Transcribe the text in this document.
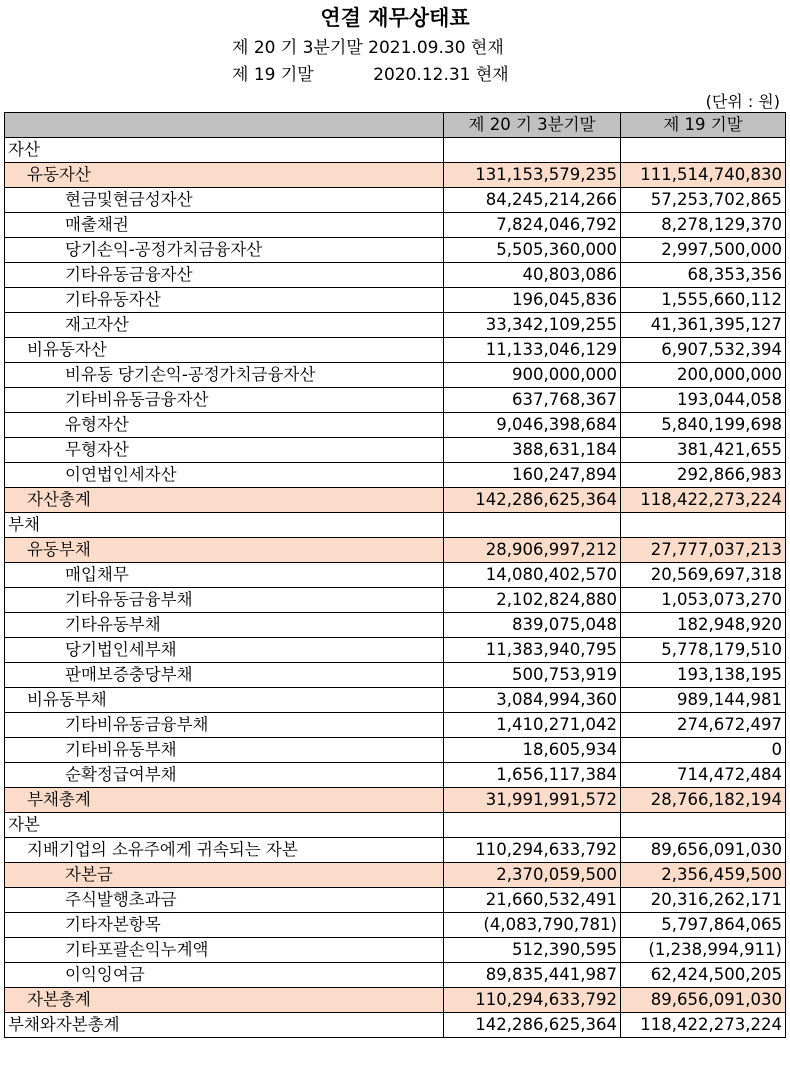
연결 재무상태표
제 20 기 3분기말 2021.09.30 현재
제 19 기말           2020.12.31 현재
(단위 : 원)
	제 20 기 3분기말	제 19 기말
자산		
유동자산	131,153,579,235	111,514,740,830
현금및현금성자산	84,245,214,266	57,253,702,865
매출채권	7,824,046,792	8,278,129,370
당기손익-공정가치금융자산	5,505,360,000	2,997,500,000
기타유동금융자산	40,803,086	68,353,356
기타유동자산	196,045,836	1,555,660,112
재고자산	33,342,109,255	41,361,395,127
비유동자산	11,133,046,129	6,907,532,394
비유동 당기손익-공정가치금융자산	900,000,000	200,000,000
기타비유동금융자산	637,768,367	193,044,058
유형자산	9,046,398,684	5,840,199,698
무형자산	388,631,184	381,421,655
이연법인세자산	160,247,894	292,866,983
자산총계	142,286,625,364	118,422,273,224
부채		
유동부채	28,906,997,212	27,777,037,213
매입채무	14,080,402,570	20,569,697,318
기타유동금융부채	2,102,824,880	1,053,073,270
기타유동부채	839,075,048	182,948,920
당기법인세부채	11,383,940,795	5,778,179,510
판매보증충당부채	500,753,919	193,138,195
비유동부채	3,084,994,360	989,144,981
기타비유동금융부채	1,410,271,042	274,672,497
기타비유동부채	18,605,934	0
순확정급여부채	1,656,117,384	714,472,484
부채총계	31,991,991,572	28,766,182,194
자본		
지배기업의 소유주에게 귀속되는 자본	110,294,633,792	89,656,091,030
자본금	2,370,059,500	2,356,459,500
주식발행초과금	21,660,532,491	20,316,262,171
기타자본항목	(4,083,790,781)	5,797,864,065
기타포괄손익누계액	512,390,595	(1,238,994,911)
이익잉여금	89,835,441,987	62,424,500,205
자본총계	110,294,633,792	89,656,091,030
부채와자본총계	142,286,625,364	118,422,273,224
